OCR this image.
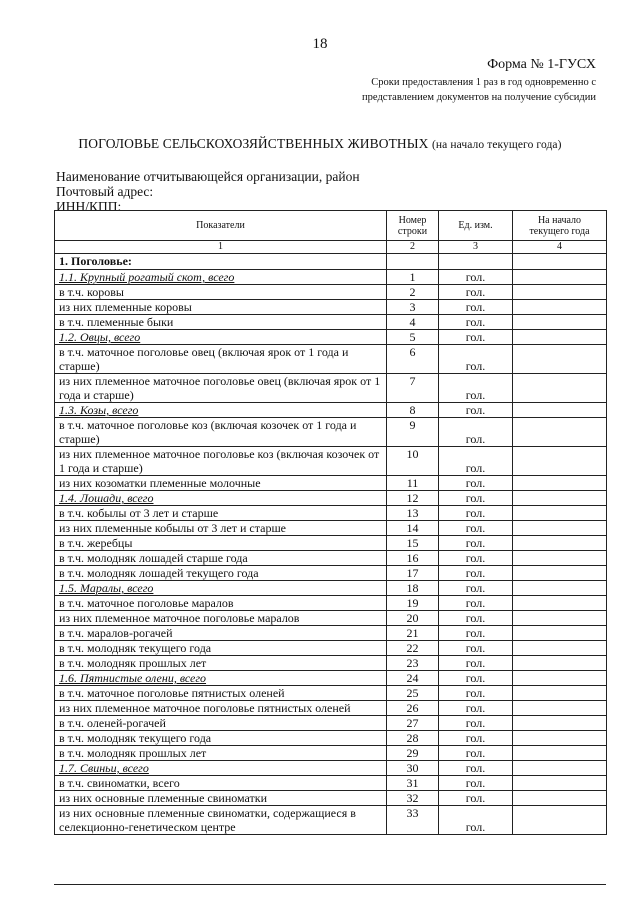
18
Форма № 1-ГУСХ
Сроки предоставления 1 раз в год одновременно с
представлением документов на получение субсидии
ПОГОЛОВЬЕ СЕЛЬСКОХОЗЯЙСТВЕННЫХ ЖИВОТНЫХ (на начало текущего года)
Наименование отчитывающейся организации, район
Почтовый адрес:
ИНН/КПП:
Показатели	Номер строки	Ед. изм.	На начало текущего года
1	2	3	4
1. Поголовье:			
1.1. Крупный рогатый скот, всего	1	гол.	
в т.ч. коровы	2	гол.	
из них племенные коровы	3	гол.	
в т.ч. племенные быки	4	гол.	
1.2. Овцы, всего	5	гол.	
в т.ч. маточное поголовье овец (включая ярок от 1 года и старше)	6	гол.	
из них племенное маточное поголовье овец (включая ярок от 1 года и старше)	7	гол.	
1.3. Козы, всего	8	гол.	
в т.ч. маточное поголовье коз (включая козочек от 1 года и старше)	9	гол.	
из них племенное маточное поголовье коз (включая козочек от 1 года и старше)	10	гол.	
из них козоматки племенные молочные	11	гол.	
1.4. Лошади, всего	12	гол.	
в т.ч. кобылы от 3 лет и старше	13	гол.	
из них племенные кобылы от 3 лет и старше	14	гол.	
в т.ч. жеребцы	15	гол.	
в т.ч. молодняк лошадей старше года	16	гол.	
в т.ч. молодняк лошадей текущего года	17	гол.	
1.5. Маралы, всего	18	гол.	
в т.ч. маточное поголовье маралов	19	гол.	
из них племенное маточное поголовье маралов	20	гол.	
в т.ч. маралов-рогачей	21	гол.	
в т.ч. молодняк текущего года	22	гол.	
в т.ч. молодняк прошлых лет	23	гол.	
1.6. Пятнистые олени, всего	24	гол.	
в т.ч. маточное поголовье пятнистых оленей	25	гол.	
из них племенное маточное поголовье пятнистых оленей	26	гол.	
в т.ч. оленей-рогачей	27	гол.	
в т.ч. молодняк текущего года	28	гол.	
в т.ч. молодняк прошлых лет	29	гол.	
1.7. Свиньи, всего	30	гол.	
в т.ч. свиноматки, всего	31	гол.	
из них основные племенные свиноматки	32	гол.	
из них основные племенные свиноматки, содержащиеся в селекционно-генетическом центре	33	гол.	
